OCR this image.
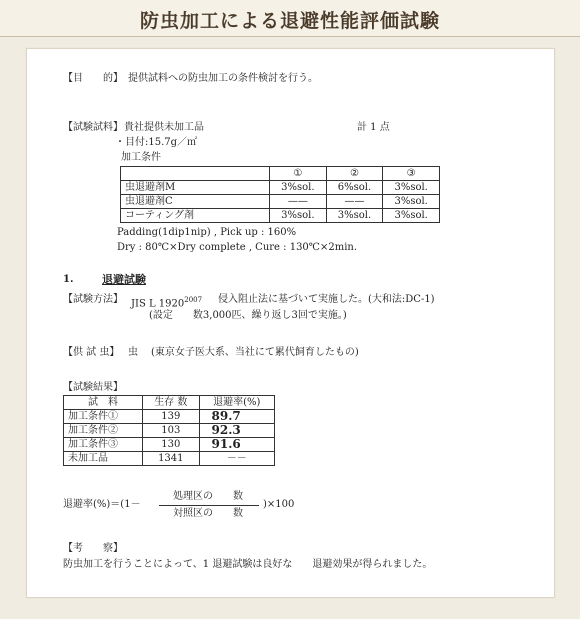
防虫加工による退避性能評価試験
【目　　的】 提供試料への防虫加工の条件検討を行う。
【試験試料】 貴社提供未加工品	計 1 点
・目付:15.7g／㎡
加工条件
	①	②	③
虫退避剤M	3%sol.	6%sol.	3%sol.
虫退避剤C	——	——	3%sol.
コーティング剤	3%sol.	3%sol.	3%sol.
Padding(1dip1nip) , Pick up : 160%
Dry : 80℃×Dry complete , Cure : 130℃×2min.
1.	退避試験
【試験方法】 JIS L $1920^{2007}$ 侵入阻止法に基づいて実施した。(大和法:DC-1)
(設定　　数3,000匹、繰り返し3回で実施。)
【供 試 虫】 虫 (東京女子医大系、当社にて累代飼育したもの)
【試験結果】
試　料	生存 数	退避率(%)
加工条件①	139	89.7
加工条件②	103	92.3
加工条件③	130	91.6
未加工品	1341	－－
退避率(%)＝(1－
処理区の　　数
対照区の　　数
)×100
【考　　察】
防虫加工を行うことによって、1 退避試験は良好な　　退避効果が得られました。
